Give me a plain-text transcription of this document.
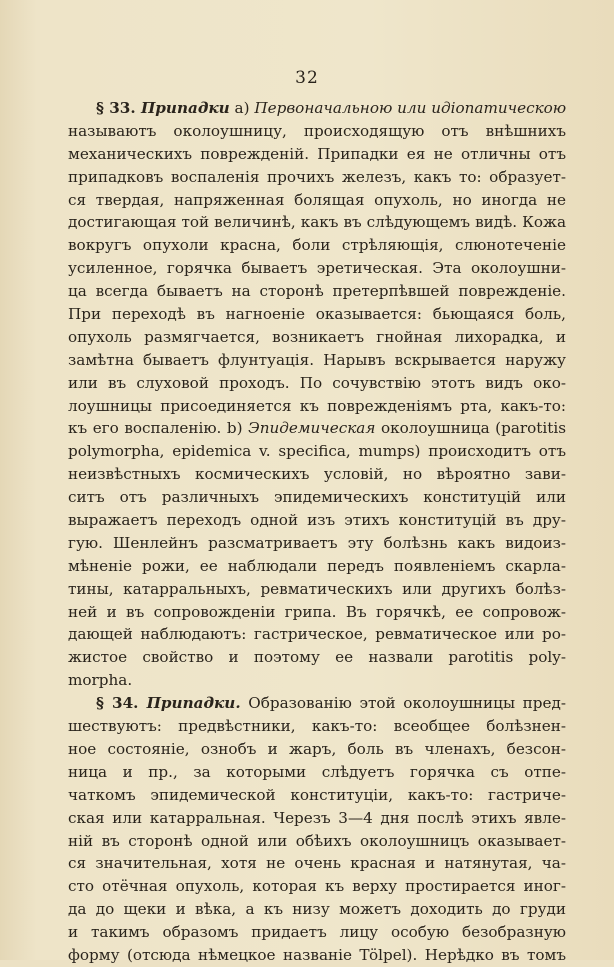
32
§ 33. Припадки а) Первоначальною или идiопатическою
называютъ околоушницу, происходящую отъ внѣшнихъ
механическихъ поврежденiй. Припадки ея не отличны отъ
припадковъ воспаленiя прочихъ железъ, какъ то: образует-
ся твердая, напряженная болящая опухоль, но иногда не
достигающая той величинѣ, какъ въ слѣдующемъ видѣ. Кожа
вокругъ опухоли красна, боли стрѣляющiя, слюнотеченiе
усиленное, горячка бываетъ эретическая. Эта околоушни-
ца всегда бываетъ на сторонѣ претерпѣвшей поврежденiе.
При переходѣ въ нагноенiе оказывается: бьющаяся боль,
опухоль размягчается, возникаетъ гнойная лихорадка, и
замѣтна бываетъ флунтуацiя. Нарывъ вскрывается наружу
или въ слуховой проходъ. По сочувствiю этотъ видъ око-
лоушницы присоединяется къ поврежденiямъ рта, какъ-то:
къ его воспаленiю. b) Эпидемическая околоушница (parotitis
polymorpha, epidemica v. specifica, mumps) происходитъ отъ
неизвѣстныхъ космическихъ условiй, но вѣроятно зави-
ситъ отъ различныхъ эпидемическихъ конституцiй или
выражаетъ переходъ одной изъ этихъ конституцiй въ дру-
гую. Шенлейнъ разсматриваетъ эту болѣзнь какъ видоиз-
мѣненiе рожи, ее наблюдали передъ появленiемъ скарла-
тины, катарральныхъ, ревматическихъ или другихъ болѣз-
ней и въ сопровожденiи грипа. Въ горячкѣ, ее сопровож-
дающей наблюдаютъ: гастрическое, ревматическое или ро-
жистое свойство и поэтому ее назвали parotitis poly-
morpha.
§ 34. Припадки. Образованiю этой околоушницы пред-
шествуютъ: предвѣстники, какъ-то: всеобщее болѣзнен-
ное состоянiе, ознобъ и жаръ, боль въ членахъ, безсон-
ница и пр., за которыми слѣдуетъ горячка съ отпе-
чаткомъ эпидемической конституцiи, какъ-то: гастриче-
ская или катарральная. Черезъ 3—4 дня послѣ этихъ явле-
нiй въ сторонѣ одной или обѣихъ околоушницъ оказывает-
ся значительная, хотя не очень красная и натянутая, ча-
сто отёчная опухоль, которая къ верху простирается иног-
да до щеки и вѣка, а къ низу можетъ доходить до груди
и такимъ образомъ придаетъ лицу особую безобразную
форму (отсюда нѣмецкое названiе Tölpel). Нерѣдко въ томъ
